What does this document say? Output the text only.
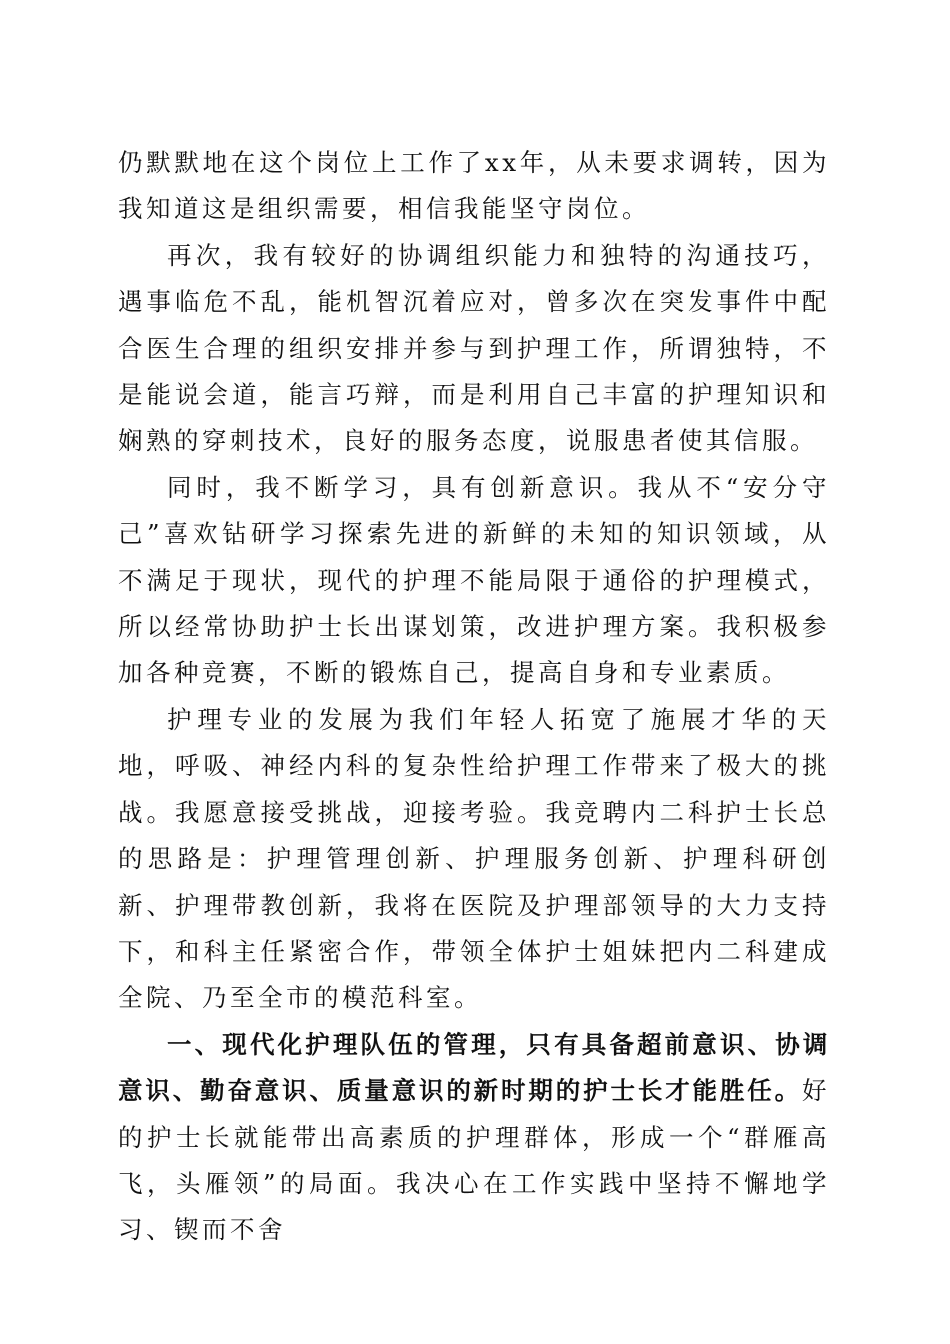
仍默默地在这个岗位上工作了xx年，从未要求调转，因为我知道这是组织需要，相信我能坚守岗位。

再次，我有较好的协调组织能力和独特的沟通技巧，遇事临危不乱，能机智沉着应对，曾多次在突发事件中配合医生合理的组织安排并参与到护理工作，所谓独特，不是能说会道，能言巧辩，而是利用自己丰富的护理知识和娴熟的穿刺技术，良好的服务态度，说服患者使其信服。

同时，我不断学习，具有创新意识。我从不“安分守己”喜欢钻研学习探索先进的新鲜的未知的知识领域，从不满足于现状，现代的护理不能局限于通俗的护理模式，所以经常协助护士长出谋划策，改进护理方案。我积极参加各种竞赛，不断的锻炼自己，提高自身和专业素质。

护理专业的发展为我们年轻人拓宽了施展才华的天地，呼吸、神经内科的复杂性给护理工作带来了极大的挑战。我愿意接受挑战，迎接考验。我竞聘内二科护士长总的思路是：护理管理创新、护理服务创新、护理科研创新、护理带教创新，我将在医院及护理部领导的大力支持下，和科主任紧密合作，带领全体护士姐妹把内二科建成全院、乃至全市的模范科室。

一、现代化护理队伍的管理，只有具备超前意识、协调意识、勤奋意识、质量意识的新时期的护士长才能胜任。好的护士长就能带出高素质的护理群体，形成一个“群雁高飞，头雁领”的局面。我决心在工作实践中坚持不懈地学习、锲而不舍
